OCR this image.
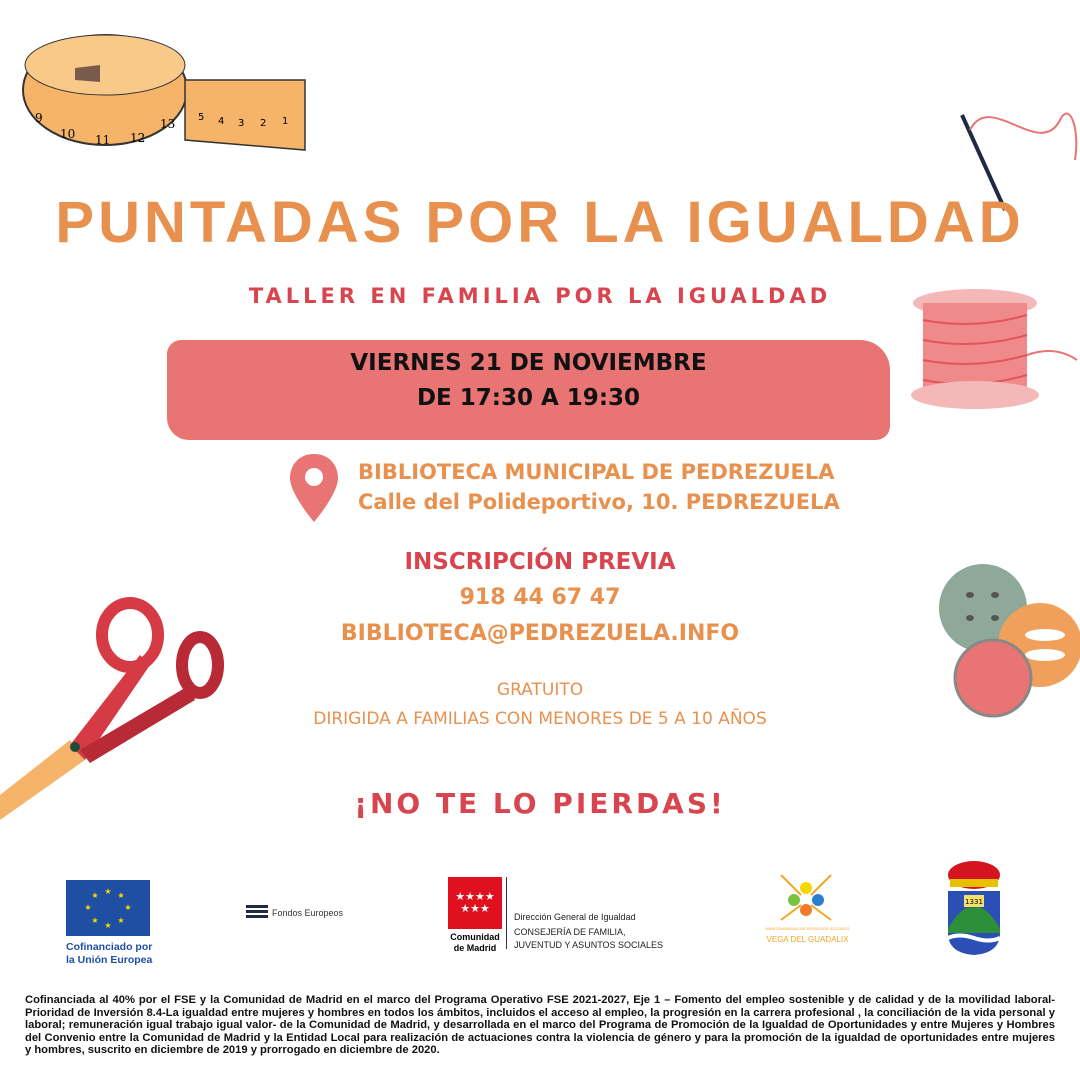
9
10 11 12
13 5 4 3 2 1
PUNTADAS POR LA IGUALDAD
TALLER EN FAMILIA POR LA IGUALDAD
VIERNES 21 DE NOVIEMBRE
DE 17:30 A 19:30
BIBLIOTECA MUNICIPAL DE PEDREZUELA
Calle del Polideportivo, 10. PEDREZUELA
INSCRIPCIÓN PREVIA
918 44 67 47
BIBLIOTECA@PEDREZUELA.INFO
GRATUITO
DIRIGIDA A FAMILIAS CON MENORES DE 5 A 10 AÑOS
¡NO TE LO PIERDAS!
★ ★
★
★
★
★
★
★
Cofinanciado por la Unión Europea
Fondos Europeos
★★★★
★★★
Comunidad de Madrid
Dirección General de Igualdad
CONSEJERÍA DE FAMILIA,
JUVENTUD Y ASUNTOS SOCIALES
MANCOMUNIDAD DE SERVICIOS SOCIALES
VEGA DEL GUADALIX
1331
Cofinanciada al 40% por el FSE y la Comunidad de Madrid en el marco del Programa Operativo FSE 2021-2027, Eje 1 – Fomento del empleo sostenible y de calidad y de la movilidad laboral-Prioridad de Inversión 8.4-La igualdad entre mujeres y hombres en todos los ámbitos, incluidos el acceso al empleo, la progresión en la carrera profesional , la conciliación de la vida personal y laboral; remuneración igual trabajo igual valor- de la Comunidad de Madrid, y desarrollada en el marco del Programa de Promoción de la Igualdad de Oportunidades y entre Mujeres y Hombres del Convenio entre la Comunidad de Madrid y la Entidad Local para realización de actuaciones contra la violencia de género y para la promoción de la igualdad de oportunidades entre mujeres y hombres, suscrito en diciembre de 2019 y prorrogado en diciembre de 2020.
